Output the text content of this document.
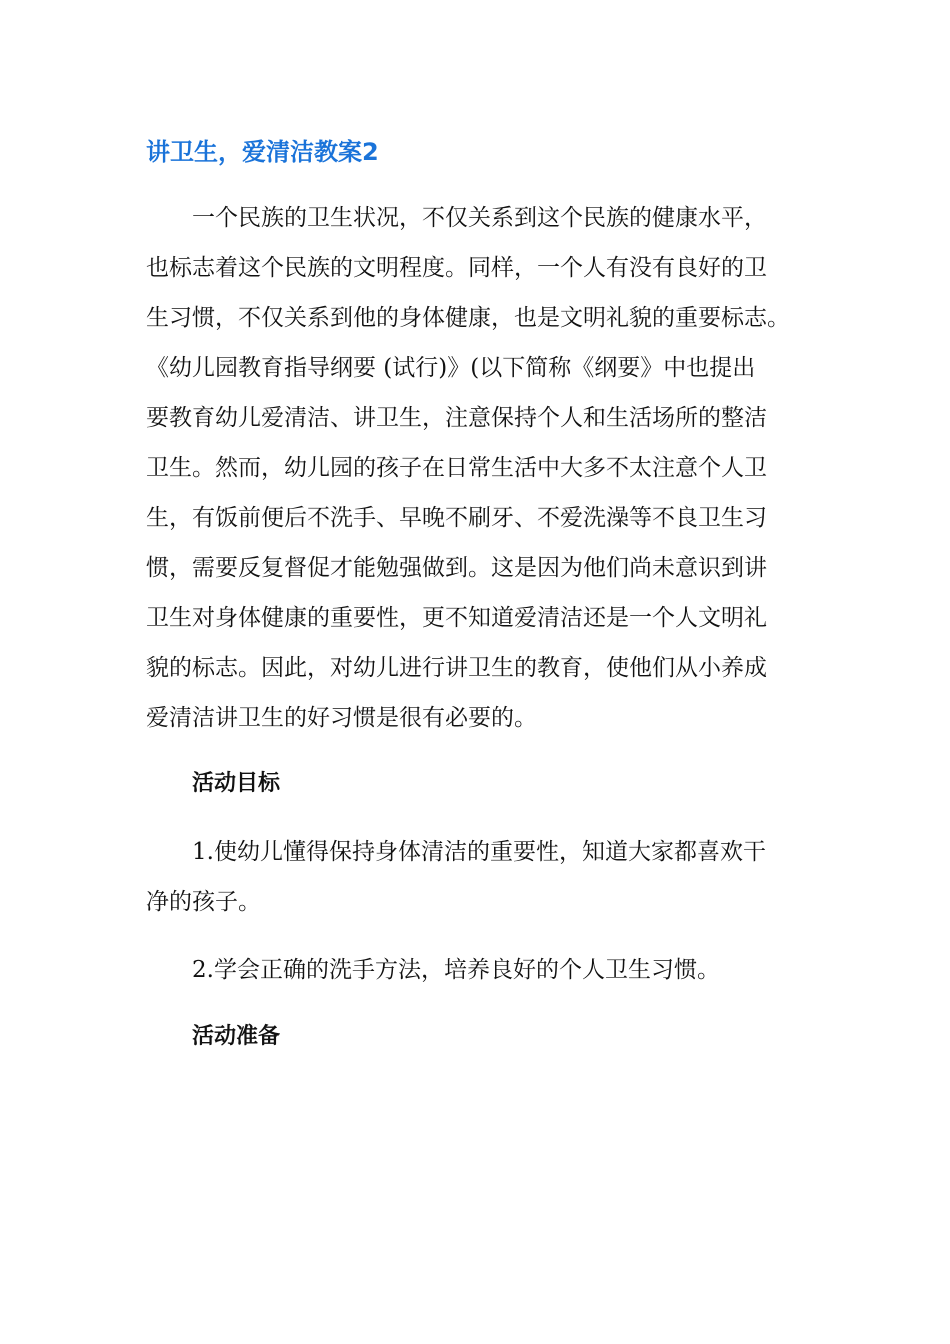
讲卫生，爱清洁教案2
一个民族的卫生状况，不仅关系到这个民族的健康水平，
也标志着这个民族的文明程度。同样，一个人有没有良好的卫
生习惯，不仅关系到他的身体健康，也是文明礼貌的重要标志。
《幼儿园教育指导纲要 (试行)》(以下简称《纲要》中也提出
要教育幼儿爱清洁、讲卫生，注意保持个人和生活场所的整洁
卫生。然而，幼儿园的孩子在日常生活中大多不太注意个人卫
生，有饭前便后不洗手、早晚不刷牙、不爱洗澡等不良卫生习
惯，需要反复督促才能勉强做到。这是因为他们尚未意识到讲
卫生对身体健康的重要性，更不知道爱清洁还是一个人文明礼
貌的标志。因此，对幼儿进行讲卫生的教育，使他们从小养成
爱清洁讲卫生的好习惯是很有必要的。
活动目标
1.使幼儿懂得保持身体清洁的重要性，知道大家都喜欢干
净的孩子。
2.学会正确的洗手方法，培养良好的个人卫生习惯。
活动准备
